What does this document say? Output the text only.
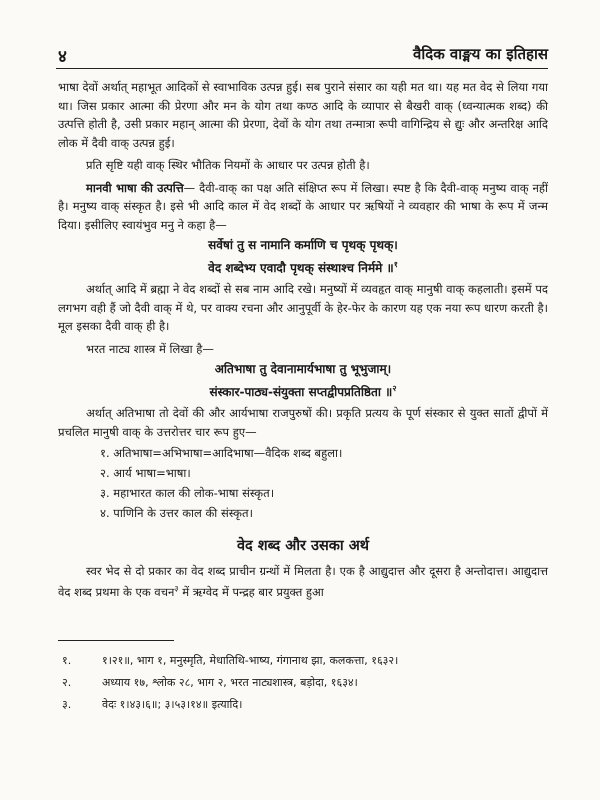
४	वैदिक वाङ्मय का इतिहास

भाषा देवों अर्थात् महाभूत आदिकों से स्वाभाविक उत्पन्न हुई। सब पुराने संसार का यही मत था। यह मत वेद से लिया गया था। जिस प्रकार आत्मा की प्रेरणा और मन के योग तथा कण्ठ आदि के व्यापार से बैखरी वाक् (ध्वन्यात्मक शब्द) की उत्पत्ति होती है, उसी प्रकार महान् आत्मा की प्रेरणा, देवों के योग तथा तन्मात्रा रूपी वागिन्द्रिय से द्युः और अन्तरिक्ष आदि लोक में दैवी वाक् उत्पन्न हुई।

प्रति सृष्टि यही वाक् स्थिर भौतिक नियमों के आधार पर उत्पन्न होती है।

मानवी भाषा की उत्पत्ति— दैवी-वाक् का पक्ष अति संक्षिप्त रूप में लिखा। स्पष्ट है कि दैवी-वाक् मनुष्य वाक् नहीं है। मनुष्य वाक् संस्कृत है। इसे भी आदि काल में वेद शब्दों के आधार पर ऋषियों ने व्यवहार की भाषा के रूप में जन्म दिया। इसीलिए स्वायंभुव मनु ने कहा है—

सर्वेषां तु स नामानि कर्माणि च पृथक् पृथक्।
वेद शब्देभ्य एवादौ पृथक् संस्थाश्च निर्ममे ॥$^१$

अर्थात् आदि में ब्रह्मा ने वेद शब्दों से सब नाम आदि रखे। मनुष्यों में व्यवहृत वाक् मानुषी वाक् कहलाती। इसमें पद लगभग वही हैं जो दैवी वाक् में थे, पर वाक्य रचना और आनुपूर्वी के हेर-फेर के कारण यह एक नया रूप धारण करती है। मूल इसका दैवी वाक् ही है।

भरत नाट्य शास्त्र में लिखा है—

अतिभाषा तु देवानामार्यभाषा तु भूभुजाम्।
संस्कार-पाठ्य-संयुक्ता सप्तद्वीपप्रतिष्ठिता ॥$^२$

अर्थात् अतिभाषा तो देवों की और आर्यभाषा राजपुरुषों की। प्रकृति प्रत्यय के पूर्ण संस्कार से युक्त सातों द्वीपों में प्रचलित मानुषी वाक् के उत्तरोत्तर चार रूप हुए—

१. अतिभाषा=अभिभाषा=आदिभाषा—वैदिक शब्द बहुला।
२. आर्य भाषा=भाषा।
३. महाभारत काल की लोक-भाषा संस्कृत।
४. पाणिनि के उत्तर काल की संस्कृत।
वेद शब्द और उसका अर्थ

स्वर भेद से दो प्रकार का वेद शब्द प्राचीन ग्रन्थों में मिलता है। एक है आद्युदात्त और दूसरा है अन्तोदात्त। आद्युदात्त वेद शब्द प्रथमा के एक वचन$^३$ में ऋग्वेद में पन्द्रह बार प्रयुक्त हुआ

१.	१।२१॥, भाग १, मनुस्मृति, मेधातिथि-भाष्य, गंगानाथ झा, कलकत्ता, १६३२।
२.	अध्याय १७, श्लोक २८, भाग २, भरत नाट्यशास्त्र, बड़ोदा, १६३४।
३.	वेदः १।४३।६॥; ३।५३।१४॥ इत्यादि।
